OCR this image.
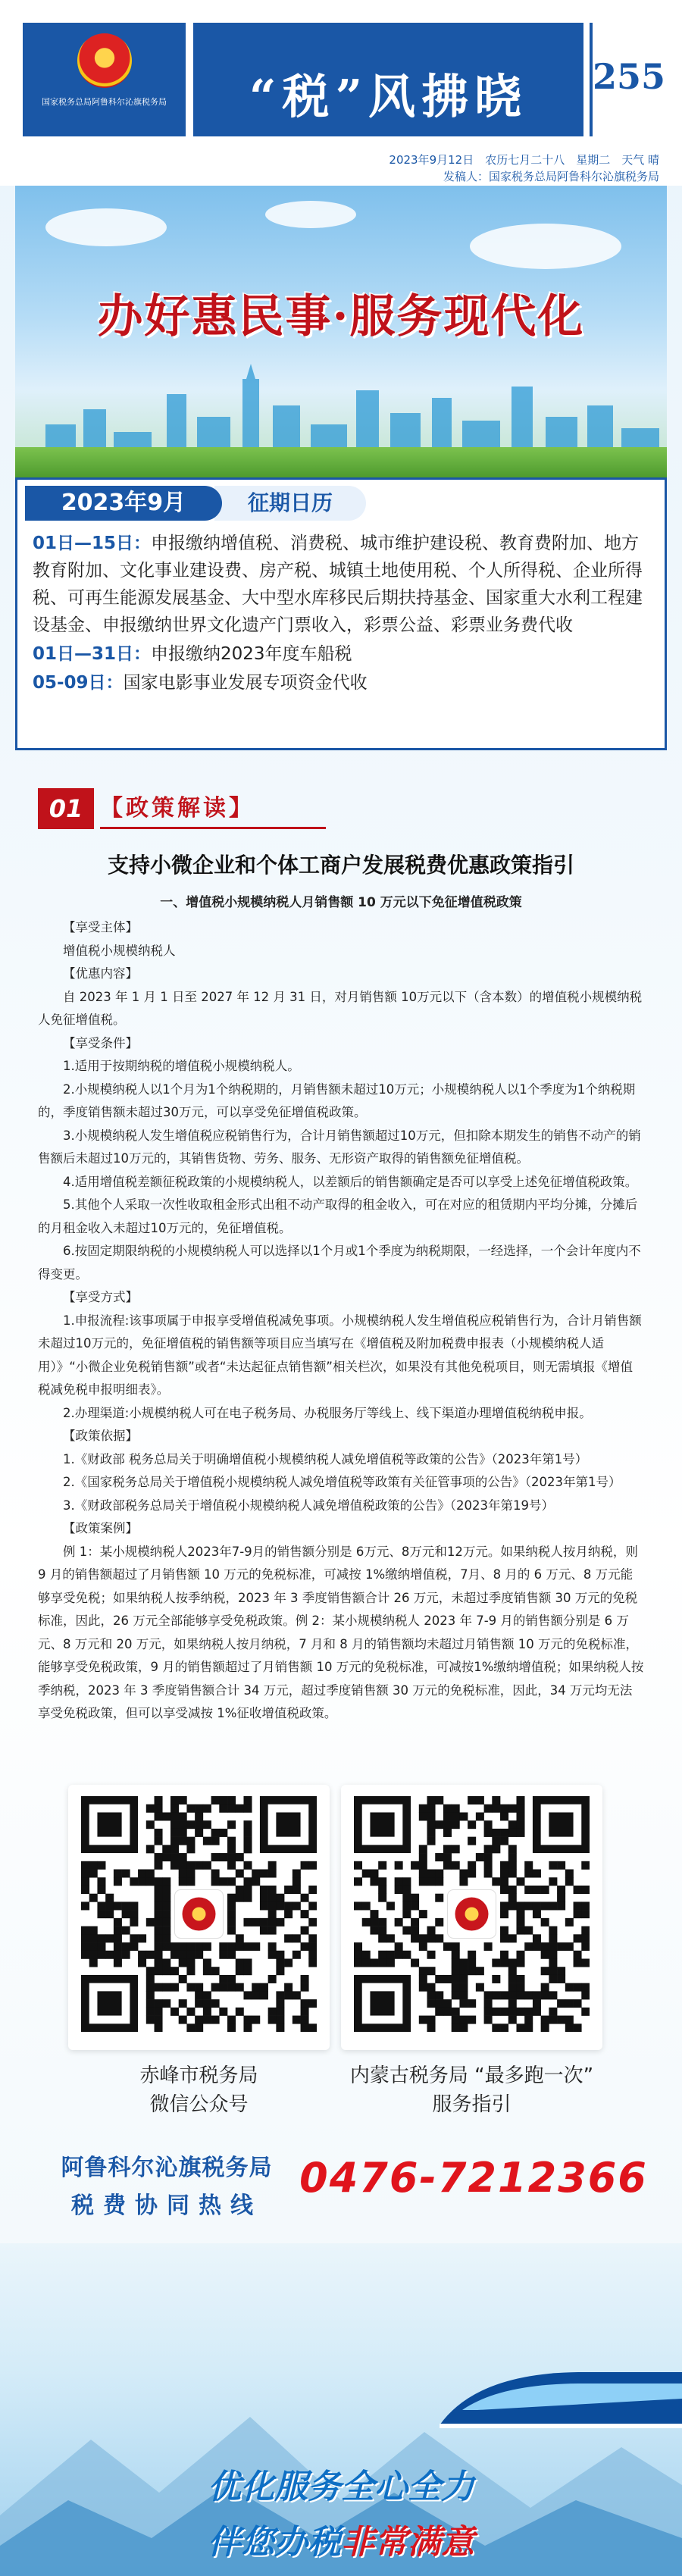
国家税务总局阿鲁科尔沁旗税务局	“税”风拂晓	255
2023年9月12日　农历七月二十八　星期二　天气 晴
发稿人：国家税务总局阿鲁科尔沁旗税务局
办好惠民事·服务现代化
征期日历
2023年9月
01日—15日：申报缴纳增值税、消费税、城市维护建设税、教育费附加、地方教育附加、文化事业建设费、房产税、城镇土地使用税、个人所得税、企业所得税、可再生能源发展基金、大中型水库移民后期扶持基金、国家重大水利工程建设基金、申报缴纳世界文化遗产门票收入，彩票公益、彩票业务费代收
01日—31日：申报缴纳2023年度车船税
05-09日：国家电影事业发展专项资金代收
01 【政策解读】
支持小微企业和个体工商户发展税费优惠政策指引
一、增值税小规模纳税人月销售额 10 万元以下免征增值税政策
【享受主体】
增值税小规模纳税人
【优惠内容】
自 2023 年 1 月 1 日至 2027 年 12 月 31 日，对月销售额 10万元以下（含本数）的增值税小规模纳税人免征增值税。
【享受条件】
1.适用于按期纳税的增值税小规模纳税人。
2.小规模纳税人以1个月为1个纳税期的，月销售额未超过10万元；小规模纳税人以1个季度为1个纳税期的，季度销售额未超过30万元，可以享受免征增值税政策。
3.小规模纳税人发生增值税应税销售行为，合计月销售额超过10万元，但扣除本期发生的销售不动产的销售额后未超过10万元的，其销售货物、劳务、服务、无形资产取得的销售额免征增值税。
4.适用增值税差额征税政策的小规模纳税人，以差额后的销售额确定是否可以享受上述免征增值税政策。
5.其他个人采取一次性收取租金形式出租不动产取得的租金收入，可在对应的租赁期内平均分摊，分摊后的月租金收入未超过10万元的，免征增值税。
6.按固定期限纳税的小规模纳税人可以选择以1个月或1个季度为纳税期限，一经选择，一个会计年度内不得变更。
【享受方式】
1.申报流程:该事项属于申报享受增值税减免事项。小规模纳税人发生增值税应税销售行为，合计月销售额未超过10万元的，免征增值税的销售额等项目应当填写在《增值税及附加税费申报表（小规模纳税人适用）》“小微企业免税销售额”或者“未达起征点销售额”相关栏次，如果没有其他免税项目，则无需填报《增值税减免税申报明细表》。
2.办理渠道:小规模纳税人可在电子税务局、办税服务厅等线上、线下渠道办理增值税纳税申报。
【政策依据】
1.《财政部 税务总局关于明确增值税小规模纳税人减免增值税等政策的公告》（2023年第1号）
2.《国家税务总局关于增值税小规模纳税人减免增值税等政策有关征管事项的公告》（2023年第1号）
3.《财政部税务总局关于增值税小规模纳税人减免增值税政策的公告》（2023年第19号）
【政策案例】
例 1：某小规模纳税人2023年7-9月的销售额分别是 6万元、8万元和12万元。如果纳税人按月纳税，则 9 月的销售额超过了月销售额 10 万元的免税标准，可减按 1%缴纳增值税，7月、8 月的 6 万元、8 万元能够享受免税；如果纳税人按季纳税，2023 年 3 季度销售额合计 26 万元，未超过季度销售额 30 万元的免税标准，因此，26 万元全部能够享受免税政策。例 2：某小规模纳税人 2023 年 7-9 月的销售额分别是 6 万元、8 万元和 20 万元，如果纳税人按月纳税，7 月和 8 月的销售额均未超过月销售额 10 万元的免税标准，能够享受免税政策，9 月的销售额超过了月销售额 10 万元的免税标准，可减按1%缴纳增值税；如果纳税人按季纳税，2023 年 3 季度销售额合计 34 万元，超过季度销售额 30 万元的免税标准，因此，34 万元均无法享受免税政策，但可以享受减按 1%征收增值税政策。
赤峰市税务局
微信公众号
内蒙古税务局 “最多跑一次”
服务指引
阿鲁科尔沁旗税务局
税费协同热线
0476-7212366
优化服务全心全力
伴您办税非常满意
